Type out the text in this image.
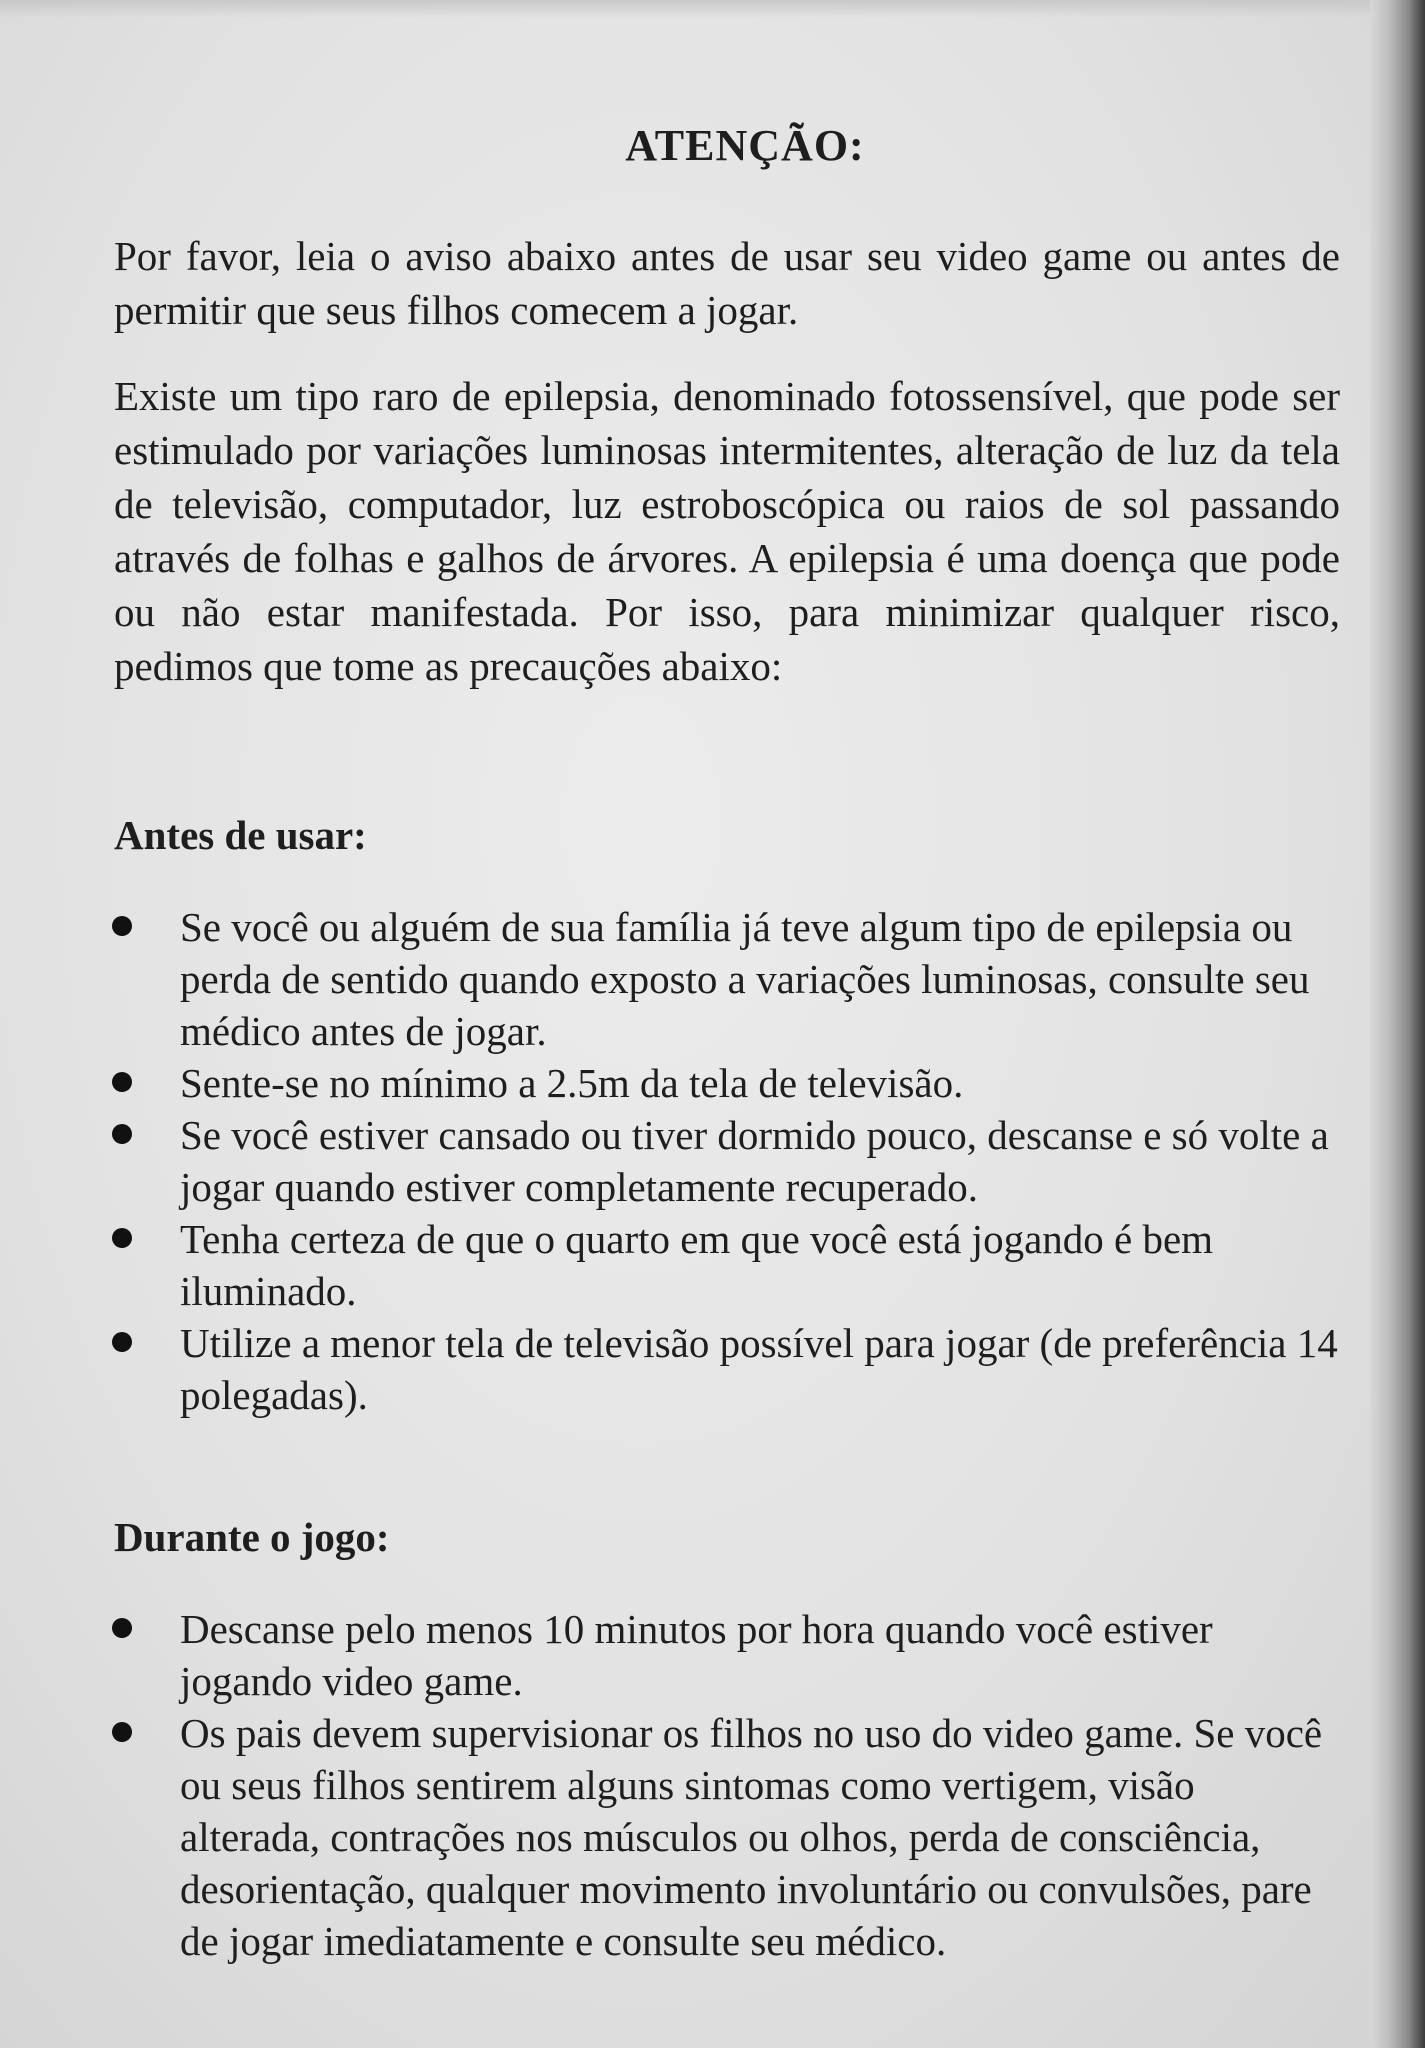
ATENÇÃO:

Por favor, leia o aviso abaixo antes de usar seu video game ou antes de permitir que seus filhos comecem a jogar.

Existe um tipo raro de epilepsia, denominado fotossensível, que pode ser estimulado por variações luminosas intermitentes, alteração de luz da tela de televisão, computador, luz estroboscópica ou raios de sol passando através de folhas e galhos de árvores. A epilepsia é uma doença que pode ou não estar manifestada. Por isso, para minimizar qualquer risco, pedimos que tome as precauções abaixo:

Antes de usar:
Se você ou alguém de sua família já teve algum tipo de epilepsia ou perda de sentido quando exposto a variações luminosas, consulte seu médico antes de jogar.
Sente-se no mínimo a 2.5m da tela de televisão.
Se você estiver cansado ou tiver dormido pouco, descanse e só volte a jogar quando estiver completamente recuperado.
Tenha certeza de que o quarto em que você está jogando é bem iluminado.
Utilize a menor tela de televisão possível para jogar (de preferência 14 polegadas).
Durante o jogo:
Descanse pelo menos 10 minutos por hora quando você estiver jogando video game.
Os pais devem supervisionar os filhos no uso do video game. Se você ou seus filhos sentirem alguns sintomas como vertigem, visão alterada, contrações nos músculos ou olhos, perda de consciência, desorientação, qualquer movimento involuntário ou convulsões, pare de jogar imediatamente e consulte seu médico.
